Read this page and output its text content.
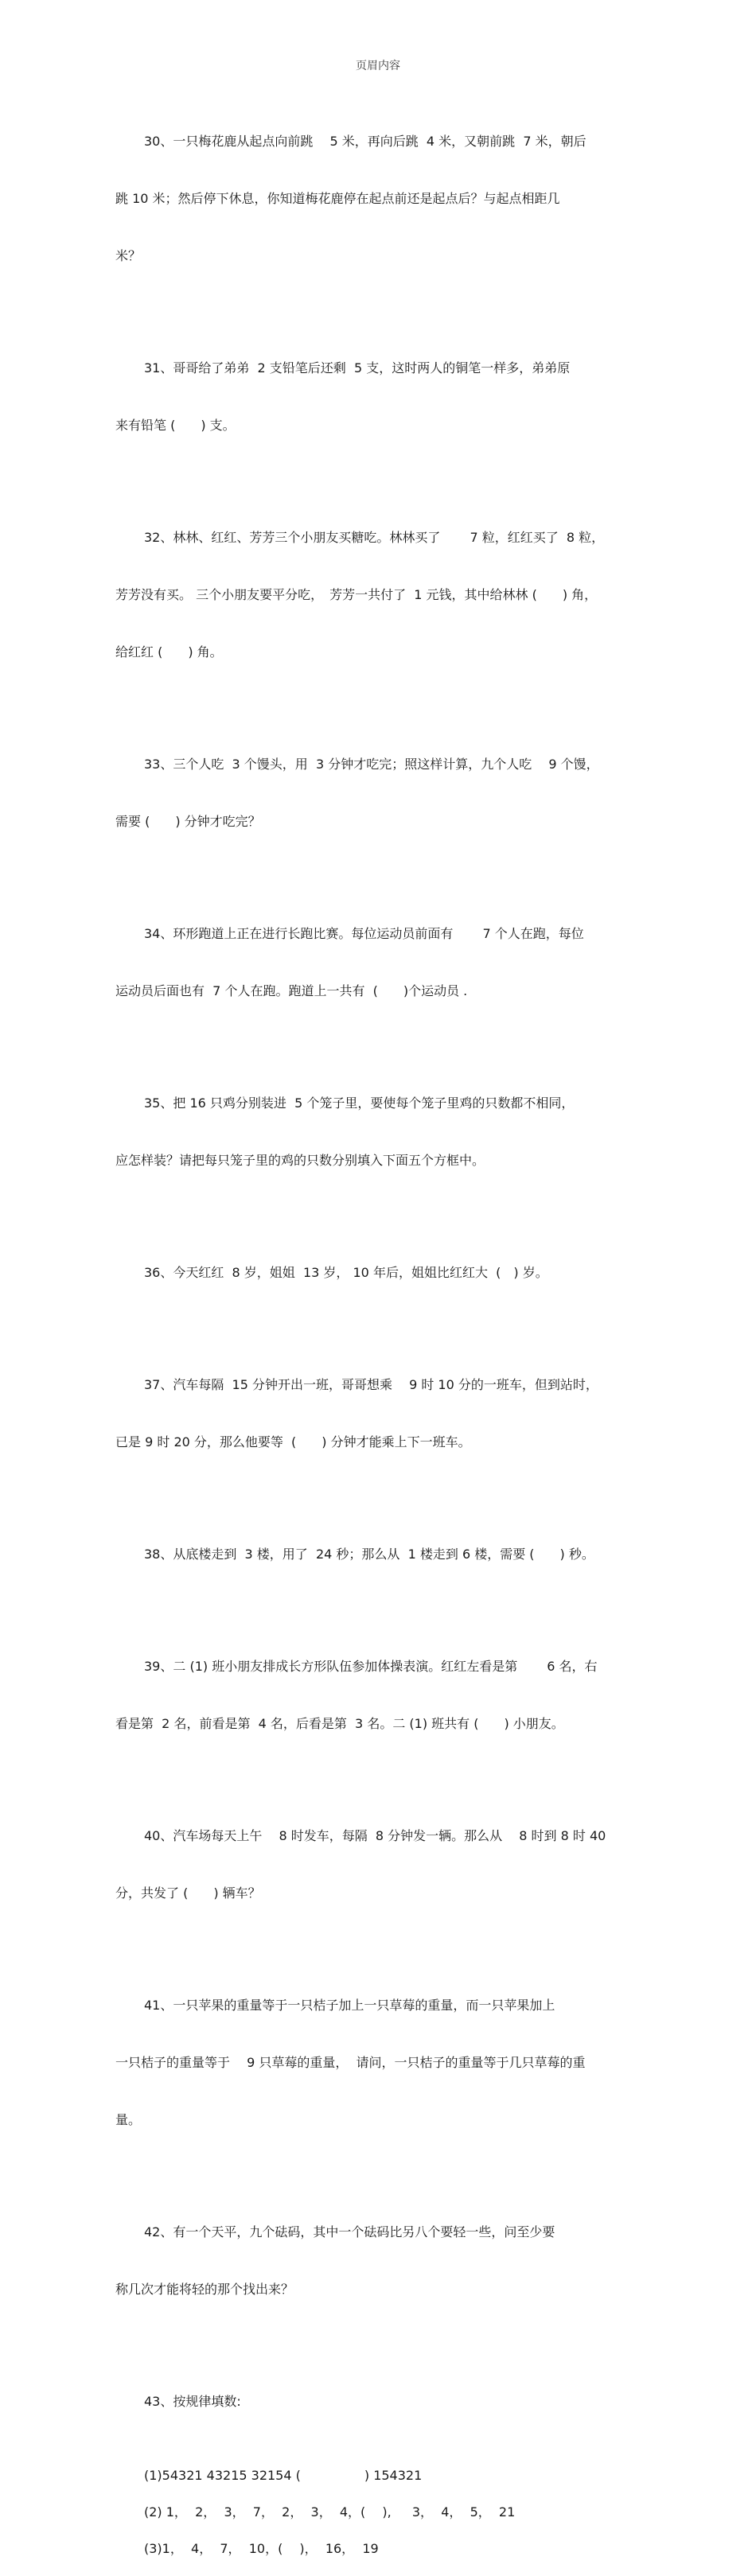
页眉内容

30、一只梅花鹿从起点向前跳　 5 米，再向后跳  4 米，又朝前跳  7 米，朝后

跳 10 米；然后停下休息，你知道梅花鹿停在起点前还是起点后？与起点相距几

米？

31、哥哥给了弟弟  2 支铅笔后还剩  5 支，这时两人的铜笔一样多，弟弟原

来有铅笔 (　　) 支。

32、林林、红红、芳芳三个小朋友买糖吃。林林买了　　 7 粒，红红买了  8 粒，

芳芳没有买。 三个小朋友要平分吃，　芳芳一共付了  1 元钱，其中给林林 (　　) 角，

给红红 (　　) 角。

33、三个人吃  3 个馒头，用  3 分钟才吃完；照这样计算，九个人吃　 9 个馒，

需要 (　　) 分钟才吃完？

34、环形跑道上正在进行长跑比赛。每位运动员前面有　　 7 个人在跑，每位

运动员后面也有  7 个人在跑。跑道上一共有  (　　)个运动员 .

35、把 16 只鸡分别装进  5 个笼子里，要使每个笼子里鸡的只数都不相同，

应怎样装？请把每只笼子里的鸡的只数分别填入下面五个方框中。

36、今天红红  8 岁，姐姐  13 岁， 10 年后，姐姐比红红大  (　) 岁。

37、汽车每隔  15 分钟开出一班，哥哥想乘　 9 时 10 分的一班车，但到站时，

已是 9 时 20 分，那么他要等  (　　) 分钟才能乘上下一班车。

38、从底楼走到  3 楼，用了  24 秒；那么从  1 楼走到 6 楼，需要 (　　) 秒。

39、二 (1) 班小朋友排成长方形队伍参加体操表演。红红左看是第　　 6 名，右

看是第  2 名，前看是第  4 名，后看是第  3 名。二 (1) 班共有 (　　) 小朋友。

40、汽车场每天上午　 8 时发车，每隔  8 分钟发一辆。那么从　 8 时到 8 时 40

分，共发了 (　　) 辆车？

41、一只苹果的重量等于一只桔子加上一只草莓的重量，而一只苹果加上

一只桔子的重量等于　 9 只草莓的重量，  请问，一只桔子的重量等于几只草莓的重

量。

42、有一个天平，九个砝码，其中一个砝码比另八个要轻一些，问至少要

称几次才能将轻的那个找出来？

43、按规律填数:

(1)54321 43215 32154 (　　　　　) 154321
(2) 1，  2，  3，  7，  2，  3，  4，(　 ),　  3，  4，  5，  21
(3)1，  4，  7，  10，(　 )，  16，  19
